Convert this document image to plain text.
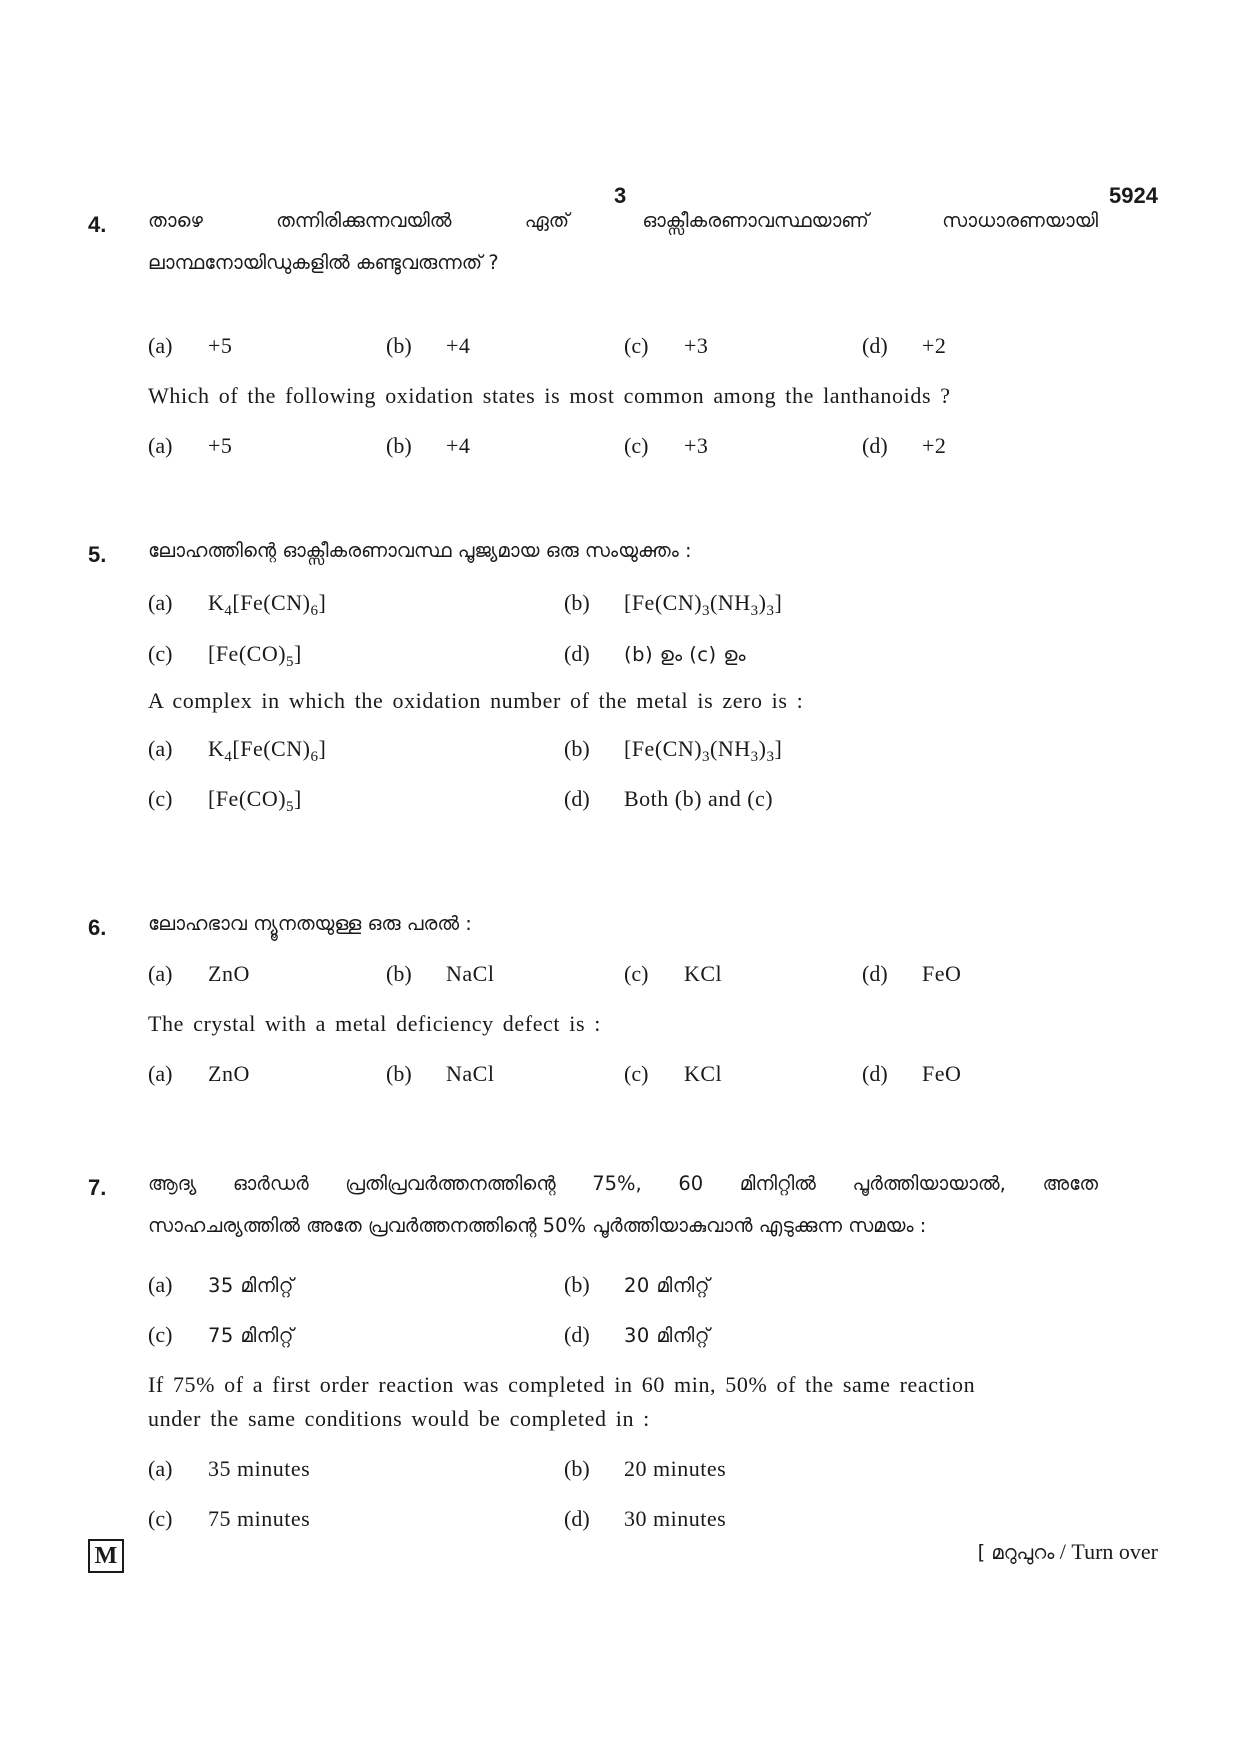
3	5924
4. താഴെ	തന്നിരിക്കുന്നവയിൽ	ഏത്	ഓക്സീകരണാവസ്ഥയാണ്	സാധാരണയായി
ലാന്ഥനോയിഡുകളിൽ കണ്ടുവരുന്നത് ?
(a) +5	(b) +4	(c) +3	(d) +2
Which of the following oxidation states is most common among the lanthanoids ?
(a) +5	(b) +4	(c) +3	(d) +2
5. ലോഹത്തിന്റെ ഓക്സീകരണാവസ്ഥ പൂജ്യമായ ഒരു സംയുക്തം :
(a) $K_4[Fe(CN)_6]$	(b) $[Fe(CN)_3(NH_3)_3]$
(c) $[Fe(CO)_5]$	(d) (b) ഉം (c) ഉം
A complex in which the oxidation number of the metal is zero is :
(a) $K_4[Fe(CN)_6]$	(b) $[Fe(CN)_3(NH_3)_3]$
(c) $[Fe(CO)_5]$	(d) Both (b) and (c)
6. ലോഹഭാവ ന്യൂനതയുള്ള ഒരു പരൽ :
(a) ZnO	(b) NaCl	(c) KCl	(d) FeO
The crystal with a metal deficiency defect is :
(a) ZnO	(b) NaCl	(c) KCl	(d) FeO
7. ആദ്യ ഓർഡർ പ്രതിപ്രവർത്തനത്തിന്റെ 75%, 60 മിനിറ്റിൽ പൂർത്തിയായാൽ, അതേ
സാഹചര്യത്തിൽ അതേ പ്രവർത്തനത്തിന്റെ 50% പൂർത്തിയാകുവാൻ എടുക്കുന്ന സമയം :
(a) 35 മിനിറ്റ്	(b) 20 മിനിറ്റ്
(c) 75 മിനിറ്റ്	(d) 30 മിനിറ്റ്
If 75% of a first order reaction was completed in 60 min, 50% of the same reaction
under the same conditions would be completed in :
(a) 35 minutes	(b) 20 minutes
(c) 75 minutes	(d) 30 minutes
M	[ മറുപുറം / Turn over
